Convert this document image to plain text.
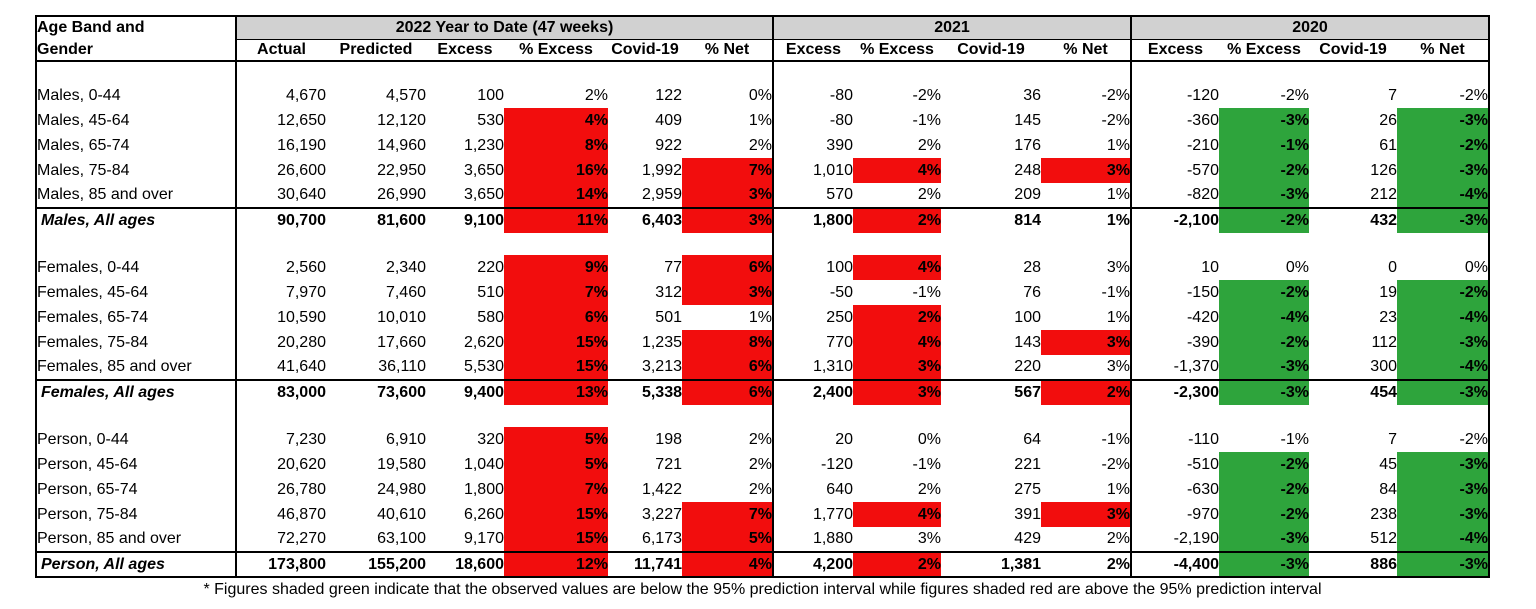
Age Band and
Gender	2022 Year to Date (47 weeks)						2021				2020			
	Actual	Predicted	Excess	% Excess	Covid-19	% Net	Excess	% Excess	Covid-19	% Net	Excess	% Excess	Covid-19	% Net

Males, 0-44	4,670	4,570	100	2%	122	0%	-80	-2%	36	-2%	-120	-2%	7	-2%
Males, 45-64	12,650	12,120	530	4%	409	1%	-80	-1%	145	-2%	-360	-3%	26	-3%
Males, 65-74	16,190	14,960	1,230	8%	922	2%	390	2%	176	1%	-210	-1%	61	-2%
Males, 75-84	26,600	22,950	3,650	16%	1,992	7%	1,010	4%	248	3%	-570	-2%	126	-3%
Males, 85 and over	30,640	26,990	3,650	14%	2,959	3%	570	2%	209	1%	-820	-3%	212	-4%
Males, All ages	90,700	81,600	9,100	11%	6,403	3%	1,800	2%	814	1%	-2,100	-2%	432	-3%

Females, 0-44	2,560	2,340	220	9%	77	6%	100	4%	28	3%	10	0%	0	0%
Females, 45-64	7,970	7,460	510	7%	312	3%	-50	-1%	76	-1%	-150	-2%	19	-2%
Females, 65-74	10,590	10,010	580	6%	501	1%	250	2%	100	1%	-420	-4%	23	-4%
Females, 75-84	20,280	17,660	2,620	15%	1,235	8%	770	4%	143	3%	-390	-2%	112	-3%
Females, 85 and over	41,640	36,110	5,530	15%	3,213	6%	1,310	3%	220	3%	-1,370	-3%	300	-4%
Females, All ages	83,000	73,600	9,400	13%	5,338	6%	2,400	3%	567	2%	-2,300	-3%	454	-3%

Person, 0-44	7,230	6,910	320	5%	198	2%	20	0%	64	-1%	-110	-1%	7	-2%
Person, 45-64	20,620	19,580	1,040	5%	721	2%	-120	-1%	221	-2%	-510	-2%	45	-3%
Person, 65-74	26,780	24,980	1,800	7%	1,422	2%	640	2%	275	1%	-630	-2%	84	-3%
Person, 75-84	46,870	40,610	6,260	15%	3,227	7%	1,770	4%	391	3%	-970	-2%	238	-3%
Person, 85 and over	72,270	63,100	9,170	15%	6,173	5%	1,880	3%	429	2%	-2,190	-3%	512	-4%
Person, All ages	173,800	155,200	18,600	12%	11,741	4%	4,200	2%	1,381	2%	-4,400	-3%	886	-3%
* Figures shaded green indicate that the observed values are below the 95% prediction interval while figures shaded red are above the 95% prediction interval
